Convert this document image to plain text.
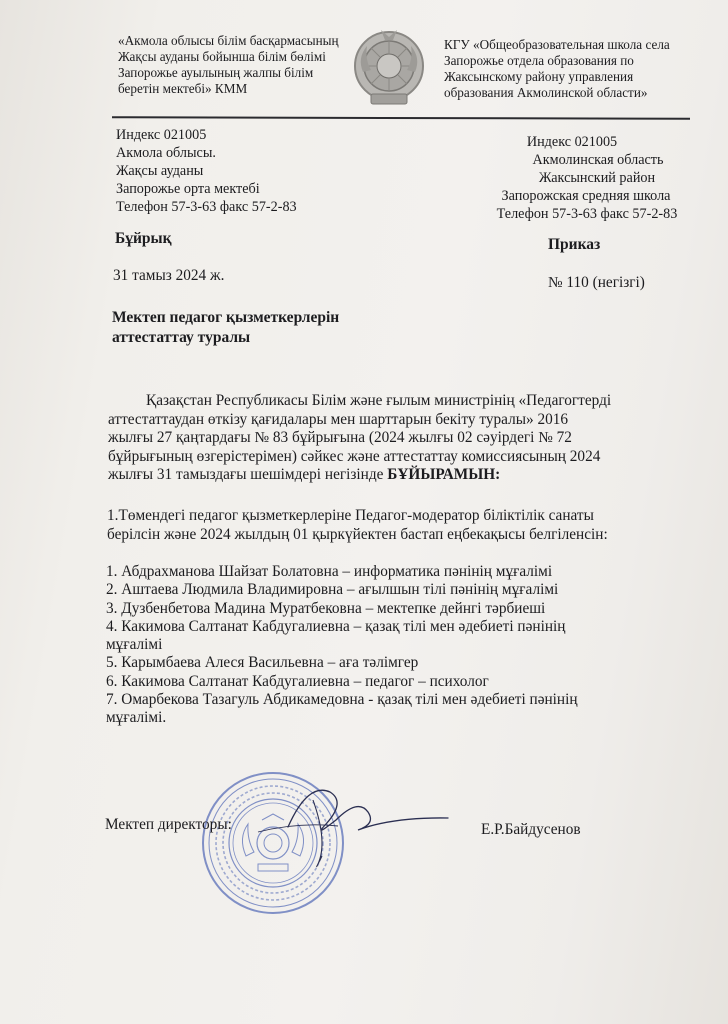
«Акмола облысы білім басқармасының
Жақсы ауданы бойынша білім бөлімі
Запорожье ауылының жалпы білім
беретін мектебі» КММ
КГУ «Общеобразовательная школа села
Запорожье отдела образования по
Жаксынскому району управления
образования Акмолинской области»
Индекс 021005
Акмола облысы.
Жақсы ауданы
Запорожье орта мектебі
Телефон 57-3-63 факс 57-2-83
Индекс 021005
Акмолинская область
Жаксынский район
Запорожская средняя школа
Телефон 57-3-63 факс 57-2-83
Бұйрық	Приказ
31 тамыз 2024 ж.	№ 110 (негізгі)
Мектеп педагог қызметкерлерін
аттестаттау туралы
Қазақстан Республикасы Білім және ғылым министрінің «Педагогтерді
аттестаттаудан өткізу қағидалары мен шарттарын бекіту туралы» 2016
жылғы 27 қаңтардағы № 83 бұйрығына (2024 жылғы 02 сәуірдегі № 72
бұйрығының өзгерістерімен) сәйкес және аттестаттау комиссиясының 2024
жылғы 31 тамыздағы шешімдері негізінде БҰЙЫРАМЫН:
1.Төмендегі педагог қызметкерлеріне Педагог-модератор біліктілік санаты
берілсін және 2024 жылдың 01 қыркүйектен бастап еңбекақысы белгіленсін:
1. Абдрахманова Шайзат Болатовна – информатика пәнінің мұғалімі
2. Аштаева Людмила Владимировна – ағылшын тілі пәнінің мұғалімі
3. Дузбенбетова Мадина Муратбековна – мектепке дейнгі тәрбиеші
4. Какимова Салтанат Кабдугалиевна – қазақ тілі мен әдебиеті пәнінің
мұғалімі
5. Карымбаева Алеся Васильевна – аға тәлімгер
6. Какимова Салтанат Кабдугалиевна – педагог – психолог
7. Омарбекова Тазагуль Абдикамедовна - қазақ тілі мен әдебиеті пәнінің
мұғалімі.
Мектеп директоры:	Е.Р.Байдусенов
